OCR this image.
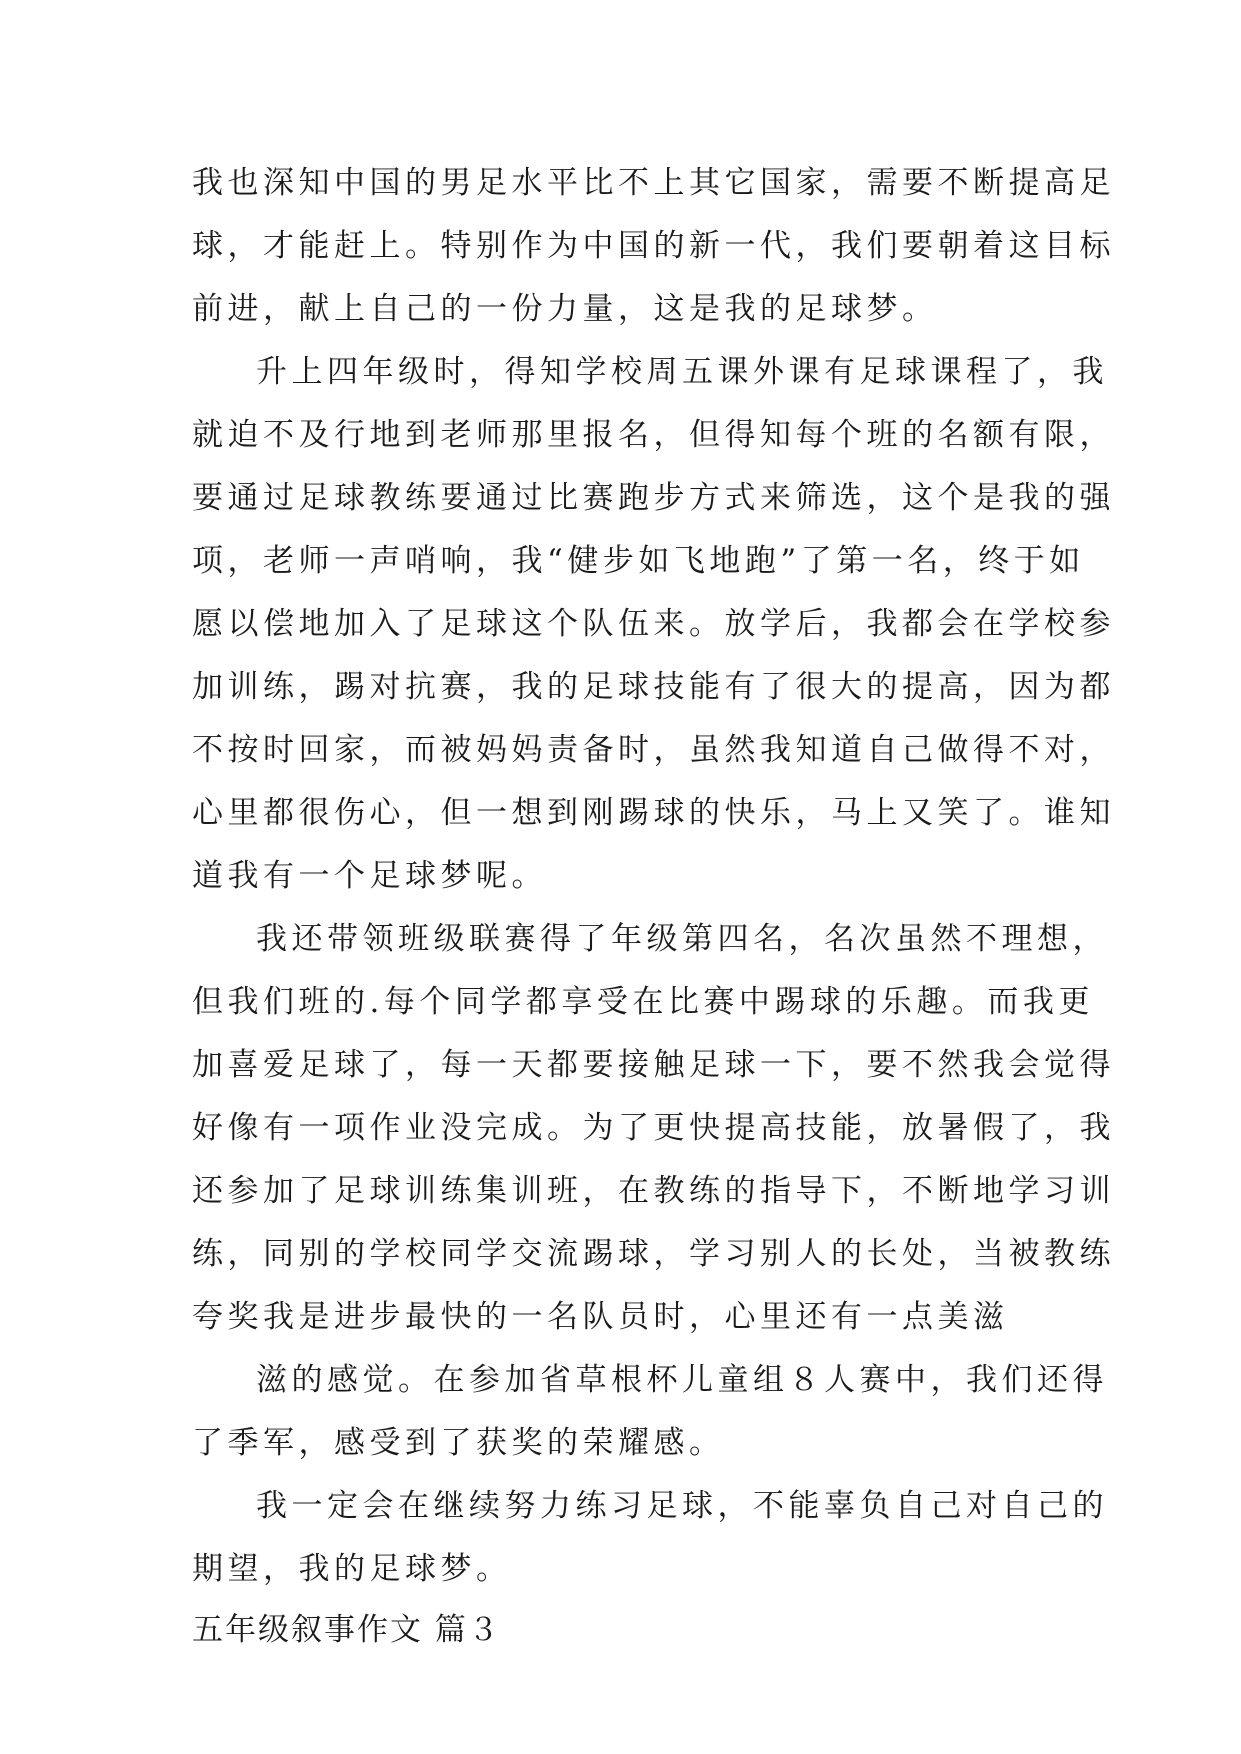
我也深知中国的男足水平比不上其它国家，需要不断提高足
球，才能赶上。特别作为中国的新一代，我们要朝着这目标
前进，献上自己的一份力量，这是我的足球梦。
升上四年级时，得知学校周五课外课有足球课程了，我
就迫不及行地到老师那里报名，但得知每个班的名额有限，
要通过足球教练要通过比赛跑步方式来筛选，这个是我的强
项，老师一声哨响，我“健步如飞地跑”了第一名，终于如
愿以偿地加入了足球这个队伍来。放学后，我都会在学校参
加训练，踢对抗赛，我的足球技能有了很大的提高，因为都
不按时回家，而被妈妈责备时，虽然我知道自己做得不对，
心里都很伤心，但一想到刚踢球的快乐，马上又笑了。谁知
道我有一个足球梦呢。
我还带领班级联赛得了年级第四名，名次虽然不理想，
但我们班的.每个同学都享受在比赛中踢球的乐趣。而我更
加喜爱足球了，每一天都要接触足球一下，要不然我会觉得
好像有一项作业没完成。为了更快提高技能，放暑假了，我
还参加了足球训练集训班，在教练的指导下，不断地学习训
练，同别的学校同学交流踢球，学习别人的长处，当被教练
夸奖我是进步最快的一名队员时，心里还有一点美滋
滋的感觉。在参加省草根杯儿童组８人赛中，我们还得
了季军，感受到了获奖的荣耀感。
我一定会在继续努力练习足球，不能辜负自己对自己的
期望，我的足球梦。
五年级叙事作文 篇３
